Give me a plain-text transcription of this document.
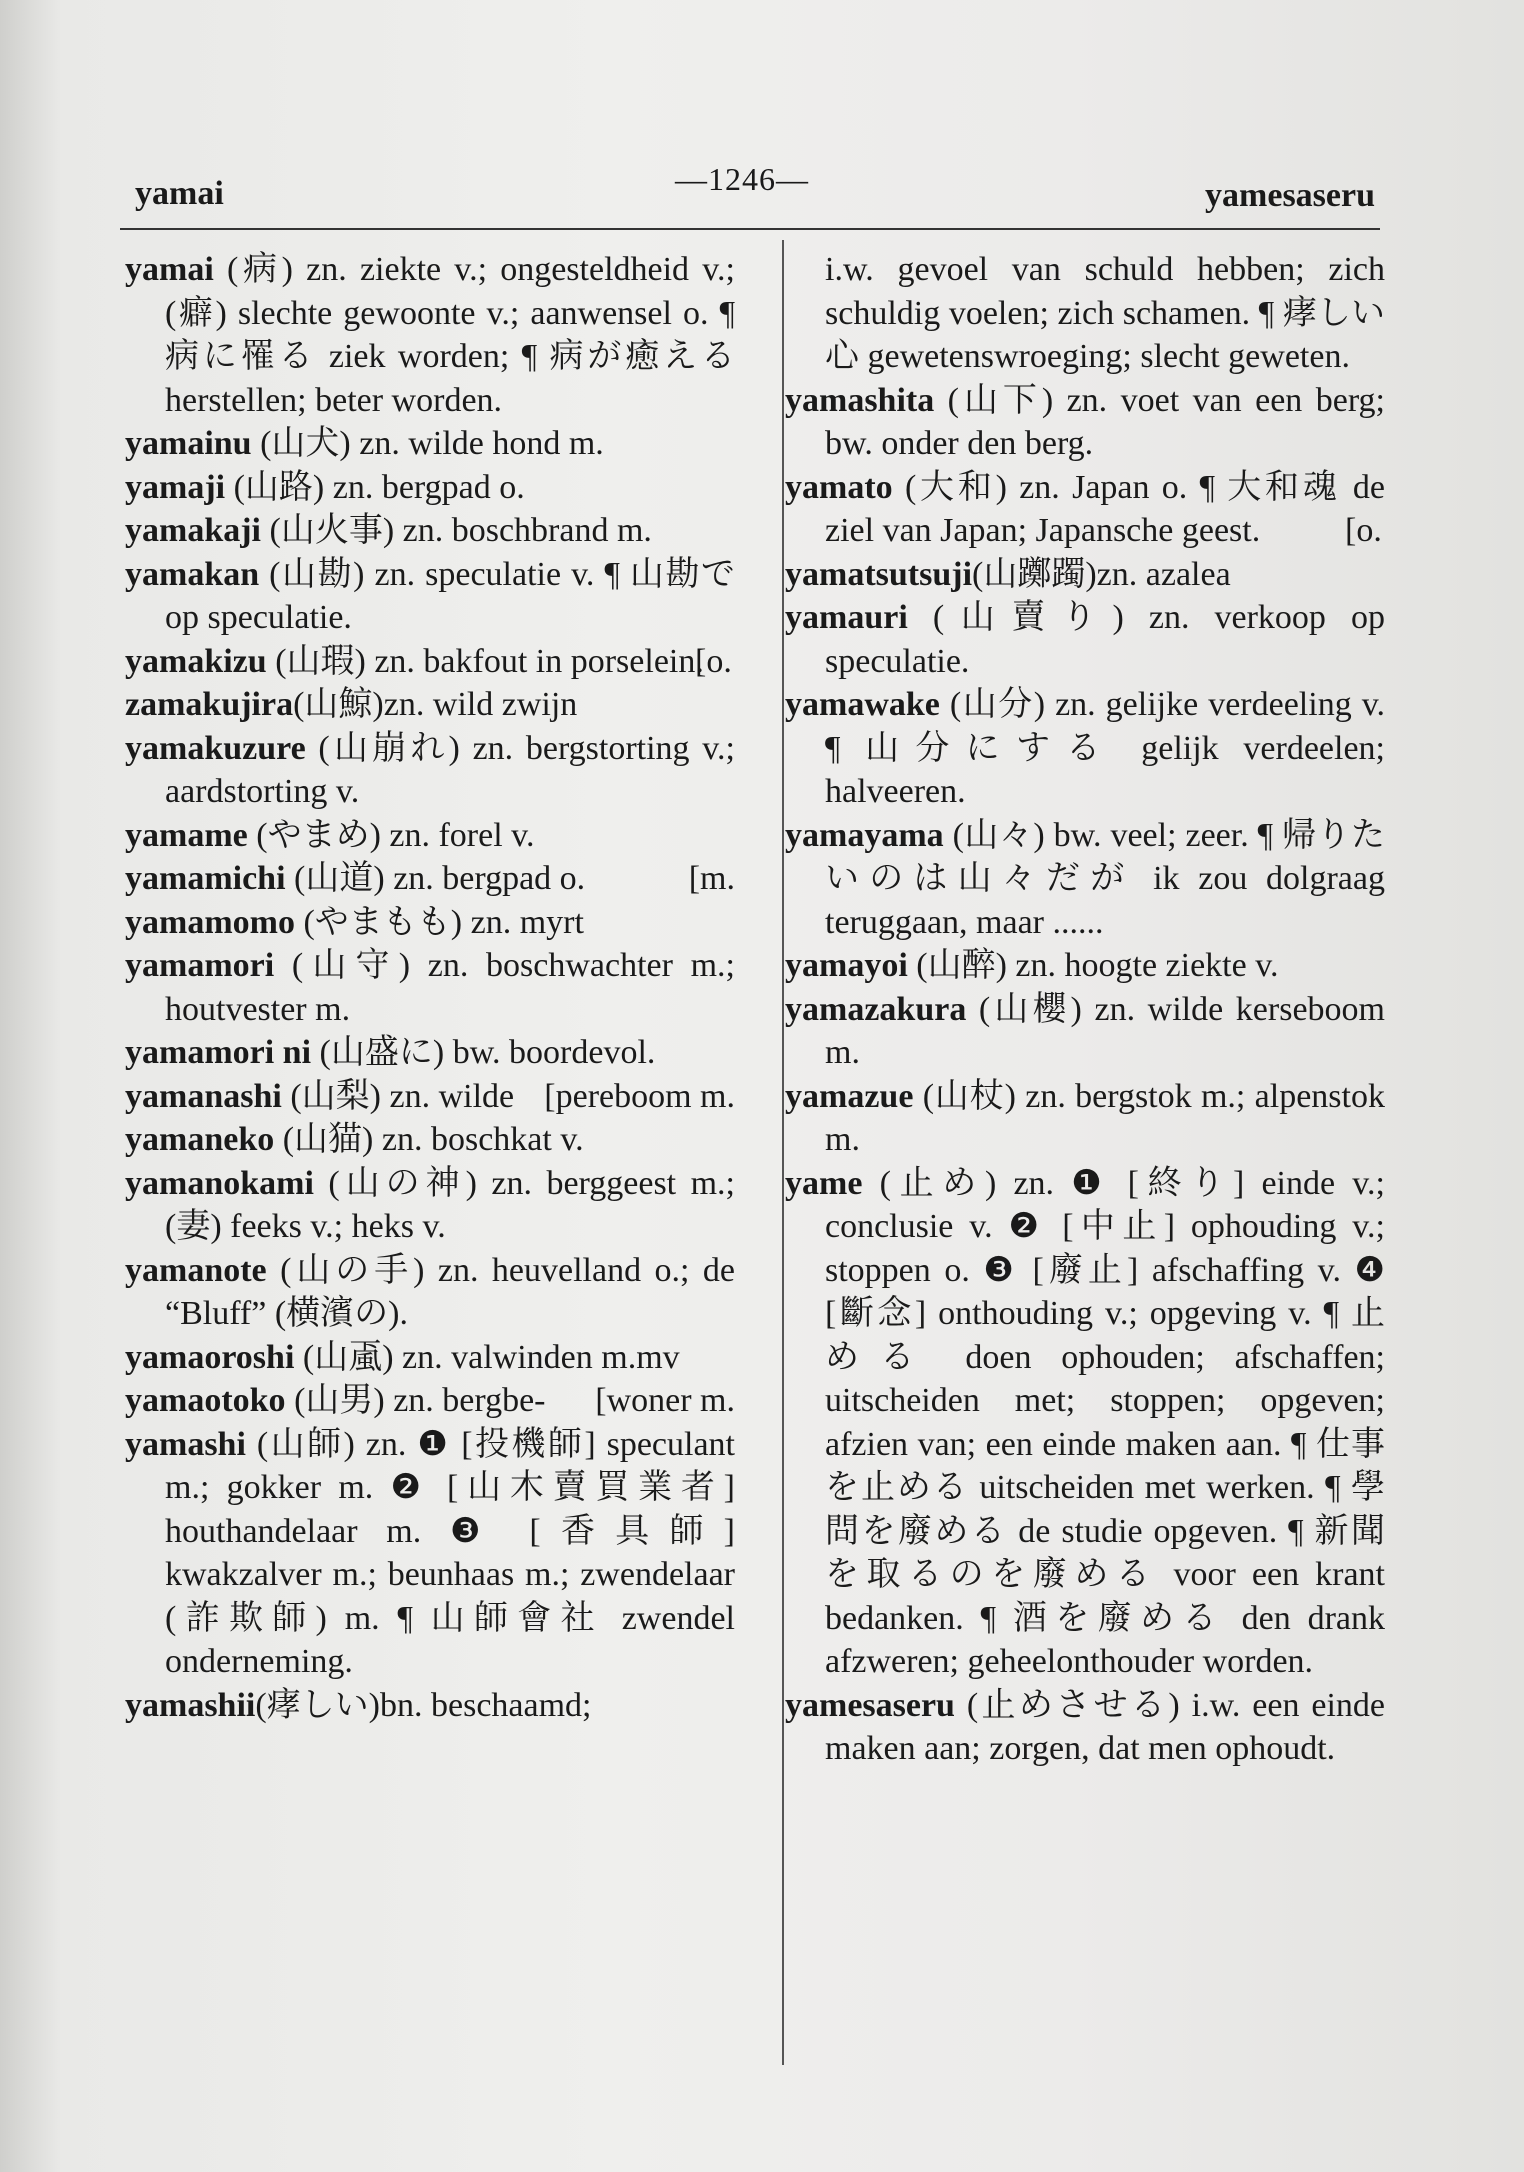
yamai	—1246—	yamesaseru

yamai (病) zn. ziekte v.; ongesteldheid v.; (癖) slechte gewoonte v.; aanwensel o. ¶ 病に罹る ziek worden; ¶ 病が癒える herstellen; beter worden.

yamainu (山犬) zn. wilde hond m.

yamaji (山路) zn. bergpad o.

yamakaji (山火事) zn. boschbrand m.

yamakan (山勘) zn. speculatie v. ¶ 山勘で op speculatie.

yamakizu (山瑕) zn. bakfout in porselein.
[o.

zamakujira(山鯨)zn. wild zwijn

yamakuzure (山崩れ) zn. bergstorting v.; aardstorting v.

yamame (やまめ) zn. forel v.

yamamichi (山道) zn. bergpad o.	[m.

yamamomo (やまもも) zn. myrt

yamamori (山守) zn. boschwachter m.; houtvester m.

yamamori ni (山盛に) bw. boordevol.
[pereboom m.

yamanashi (山梨) zn. wilde

yamaneko (山猫) zn. boschkat v.

yamanokami (山の神) zn. berggeest m.; (妻) feeks v.; heks v.

yamanote (山の手) zn. heuvelland o.; de “Bluff” (横濱の).

yamaoroshi (山颪) zn. valwinden m.mv
[woner m.

yamaotoko (山男) zn. bergbe-

yamashi (山師) zn. ❶ [投機師] speculant m.; gokker m. ❷ [山木賣買業者] houthandelaar m. ❸ [香具師] kwakzalver m.; beunhaas m.; zwendelaar (詐欺師) m. ¶ 山師會社 zwendel onderneming.

yamashii(痚しい)bn. beschaamd;

i.w. gevoel van schuld hebben; zich schuldig voelen; zich schamen. ¶ 痚しい心 gewetenswroeging; slecht geweten.

yamashita (山下) zn. voet van een berg; bw. onder den berg.

yamato (大和) zn. Japan o. ¶ 大和魂 de ziel van Japan; Japansche geest. [o.

yamatsutsuji(山躑躅)zn. azalea

yamauri (山賣り) zn. verkoop op speculatie.

yamawake (山分) zn. gelijke verdeeling v. ¶ 山分にする gelijk verdeelen; halveeren.

yamayama (山々) bw. veel; zeer. ¶ 帰りたいのは山々だが ik zou dolgraag teruggaan, maar ......

yamayoi (山醉) zn. hoogte ziekte v.

yamazakura (山櫻) zn. wilde kerseboom m.

yamazue (山杖) zn. bergstok m.; alpenstok m.

yame (止め) zn. ❶ [終り] einde v.; conclusie v. ❷ [中止] ophouding v.; stoppen o. ❸ [廢止] afschaffing v. ❹ [斷念] onthouding v.; opgeving v. ¶ 止める doen ophouden; afschaffen; uitscheiden met; stoppen; opgeven; afzien van; een einde maken aan. ¶ 仕事を止める uitscheiden met werken. ¶ 學問を廢める de studie opgeven. ¶ 新聞を取るのを廢める voor een krant bedanken. ¶ 酒を廢める den drank afzweren; geheelonthouder worden.

yamesaseru (止めさせる) i.w. een einde maken aan; zorgen, dat men ophoudt.
